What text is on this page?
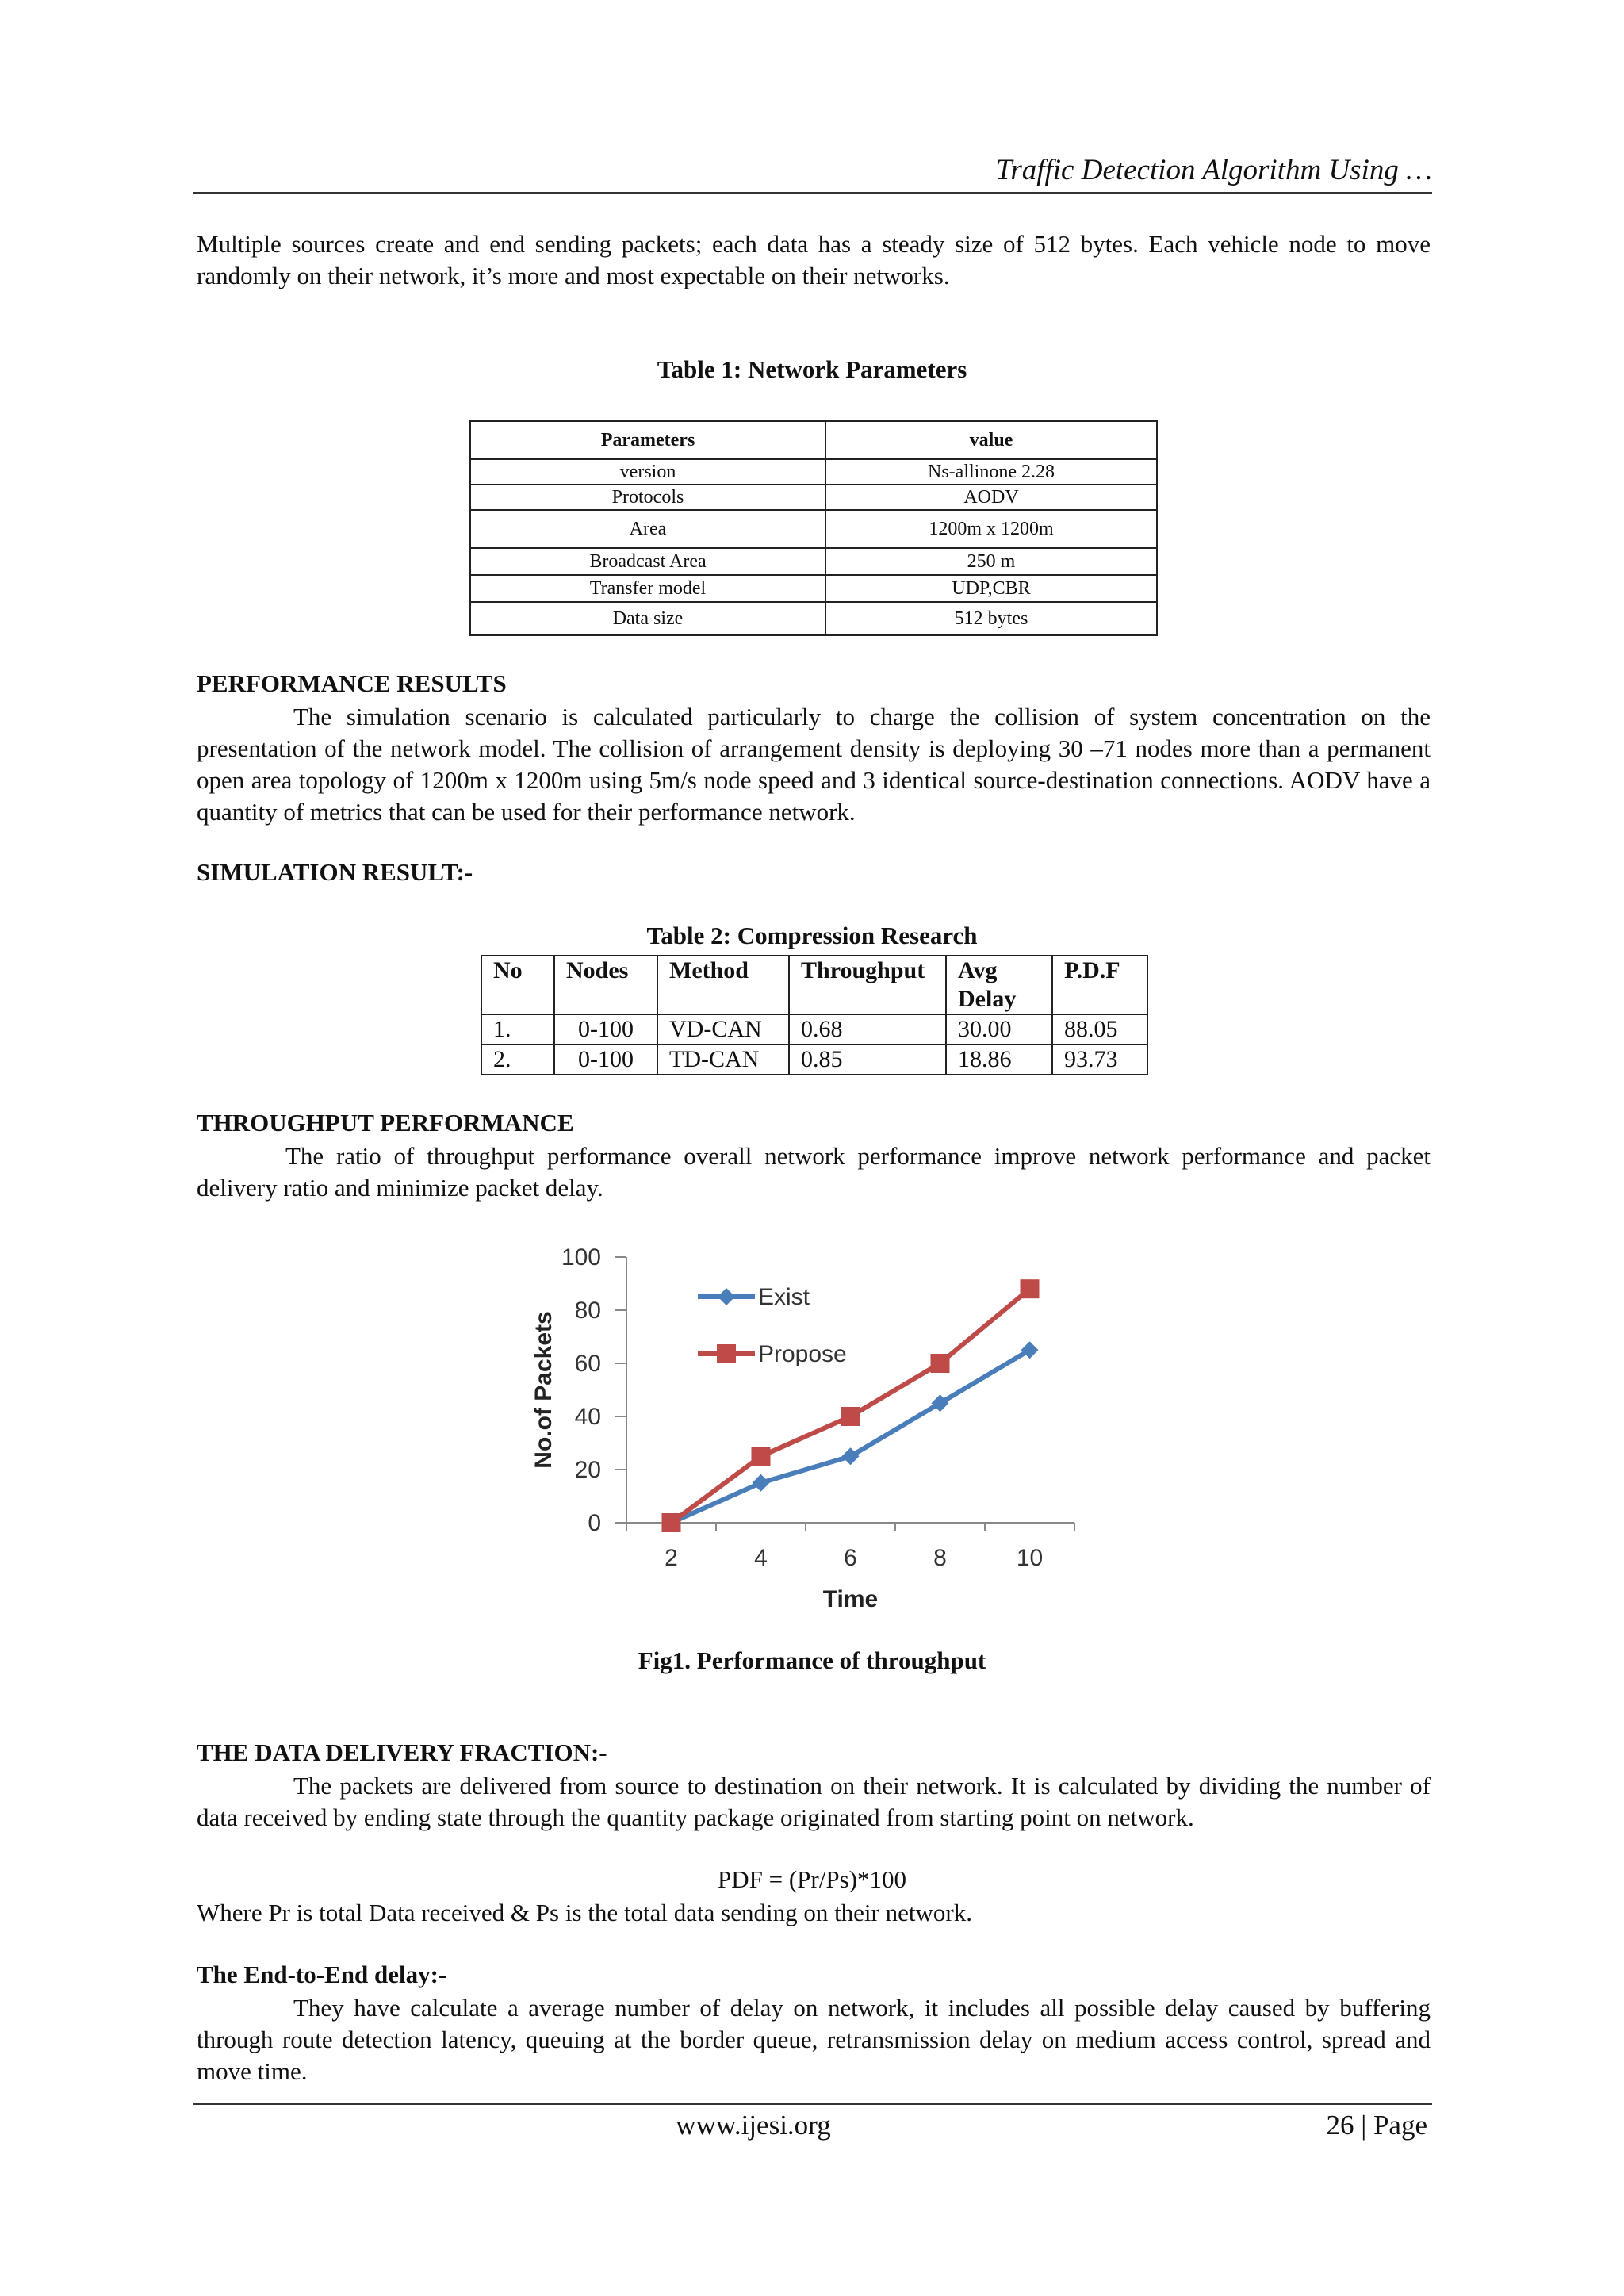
Traffic Detection Algorithm Using …

Multiple sources create and end sending packets; each data has a steady size of 512 bytes. Each vehicle node to move randomly on their network, it’s more and most expectable on their networks.

Table 1: Network Parameters
Parameters	value
version	Ns-allinone 2.28
Protocols	AODV
Area	1200m x 1200m
Broadcast Area	250 m
Transfer model	UDP,CBR
Data size	512 bytes
PERFORMANCE RESULTS

The simulation scenario is calculated particularly to charge the collision of system concentration on the presentation of the network model. The collision of arrangement density is deploying 30 –71 nodes more than a permanent open area topology of 1200m x 1200m using 5m/s node speed and 3 identical source-destination connections. AODV have a quantity of metrics that can be used for their performance network.

SIMULATION RESULT:-
Table 2: Compression Research
No	Nodes	Method	Throughput	Avg Delay	P.D.F
1.	0-100	VD-CAN	0.68	30.00	88.05
2.	0-100	TD-CAN	0.85	18.86	93.73
THROUGHPUT PERFORMANCE

The ratio of throughput performance overall network performance improve network performance and packet delivery ratio and minimize packet delay.

0
20
40
60
80
100
2	4	6	8	10
Time
No.of Packets
Exist
Propose
Fig1. Performance of throughput
THE DATA DELIVERY FRACTION:-

The packets are delivered from source to destination on their network. It is calculated by dividing the number of data received by ending state through the quantity package originated from starting point on network.

PDF = (Pr/Ps)*100

Where Pr is total Data received & Ps is the total data sending on their network.

The End-to-End delay:-

They have calculate a average number of delay on network, it includes all possible delay caused by buffering through route detection latency, queuing at the border queue, retransmission delay on medium access control, spread and move time.

www.ijesi.org	26 | Page
